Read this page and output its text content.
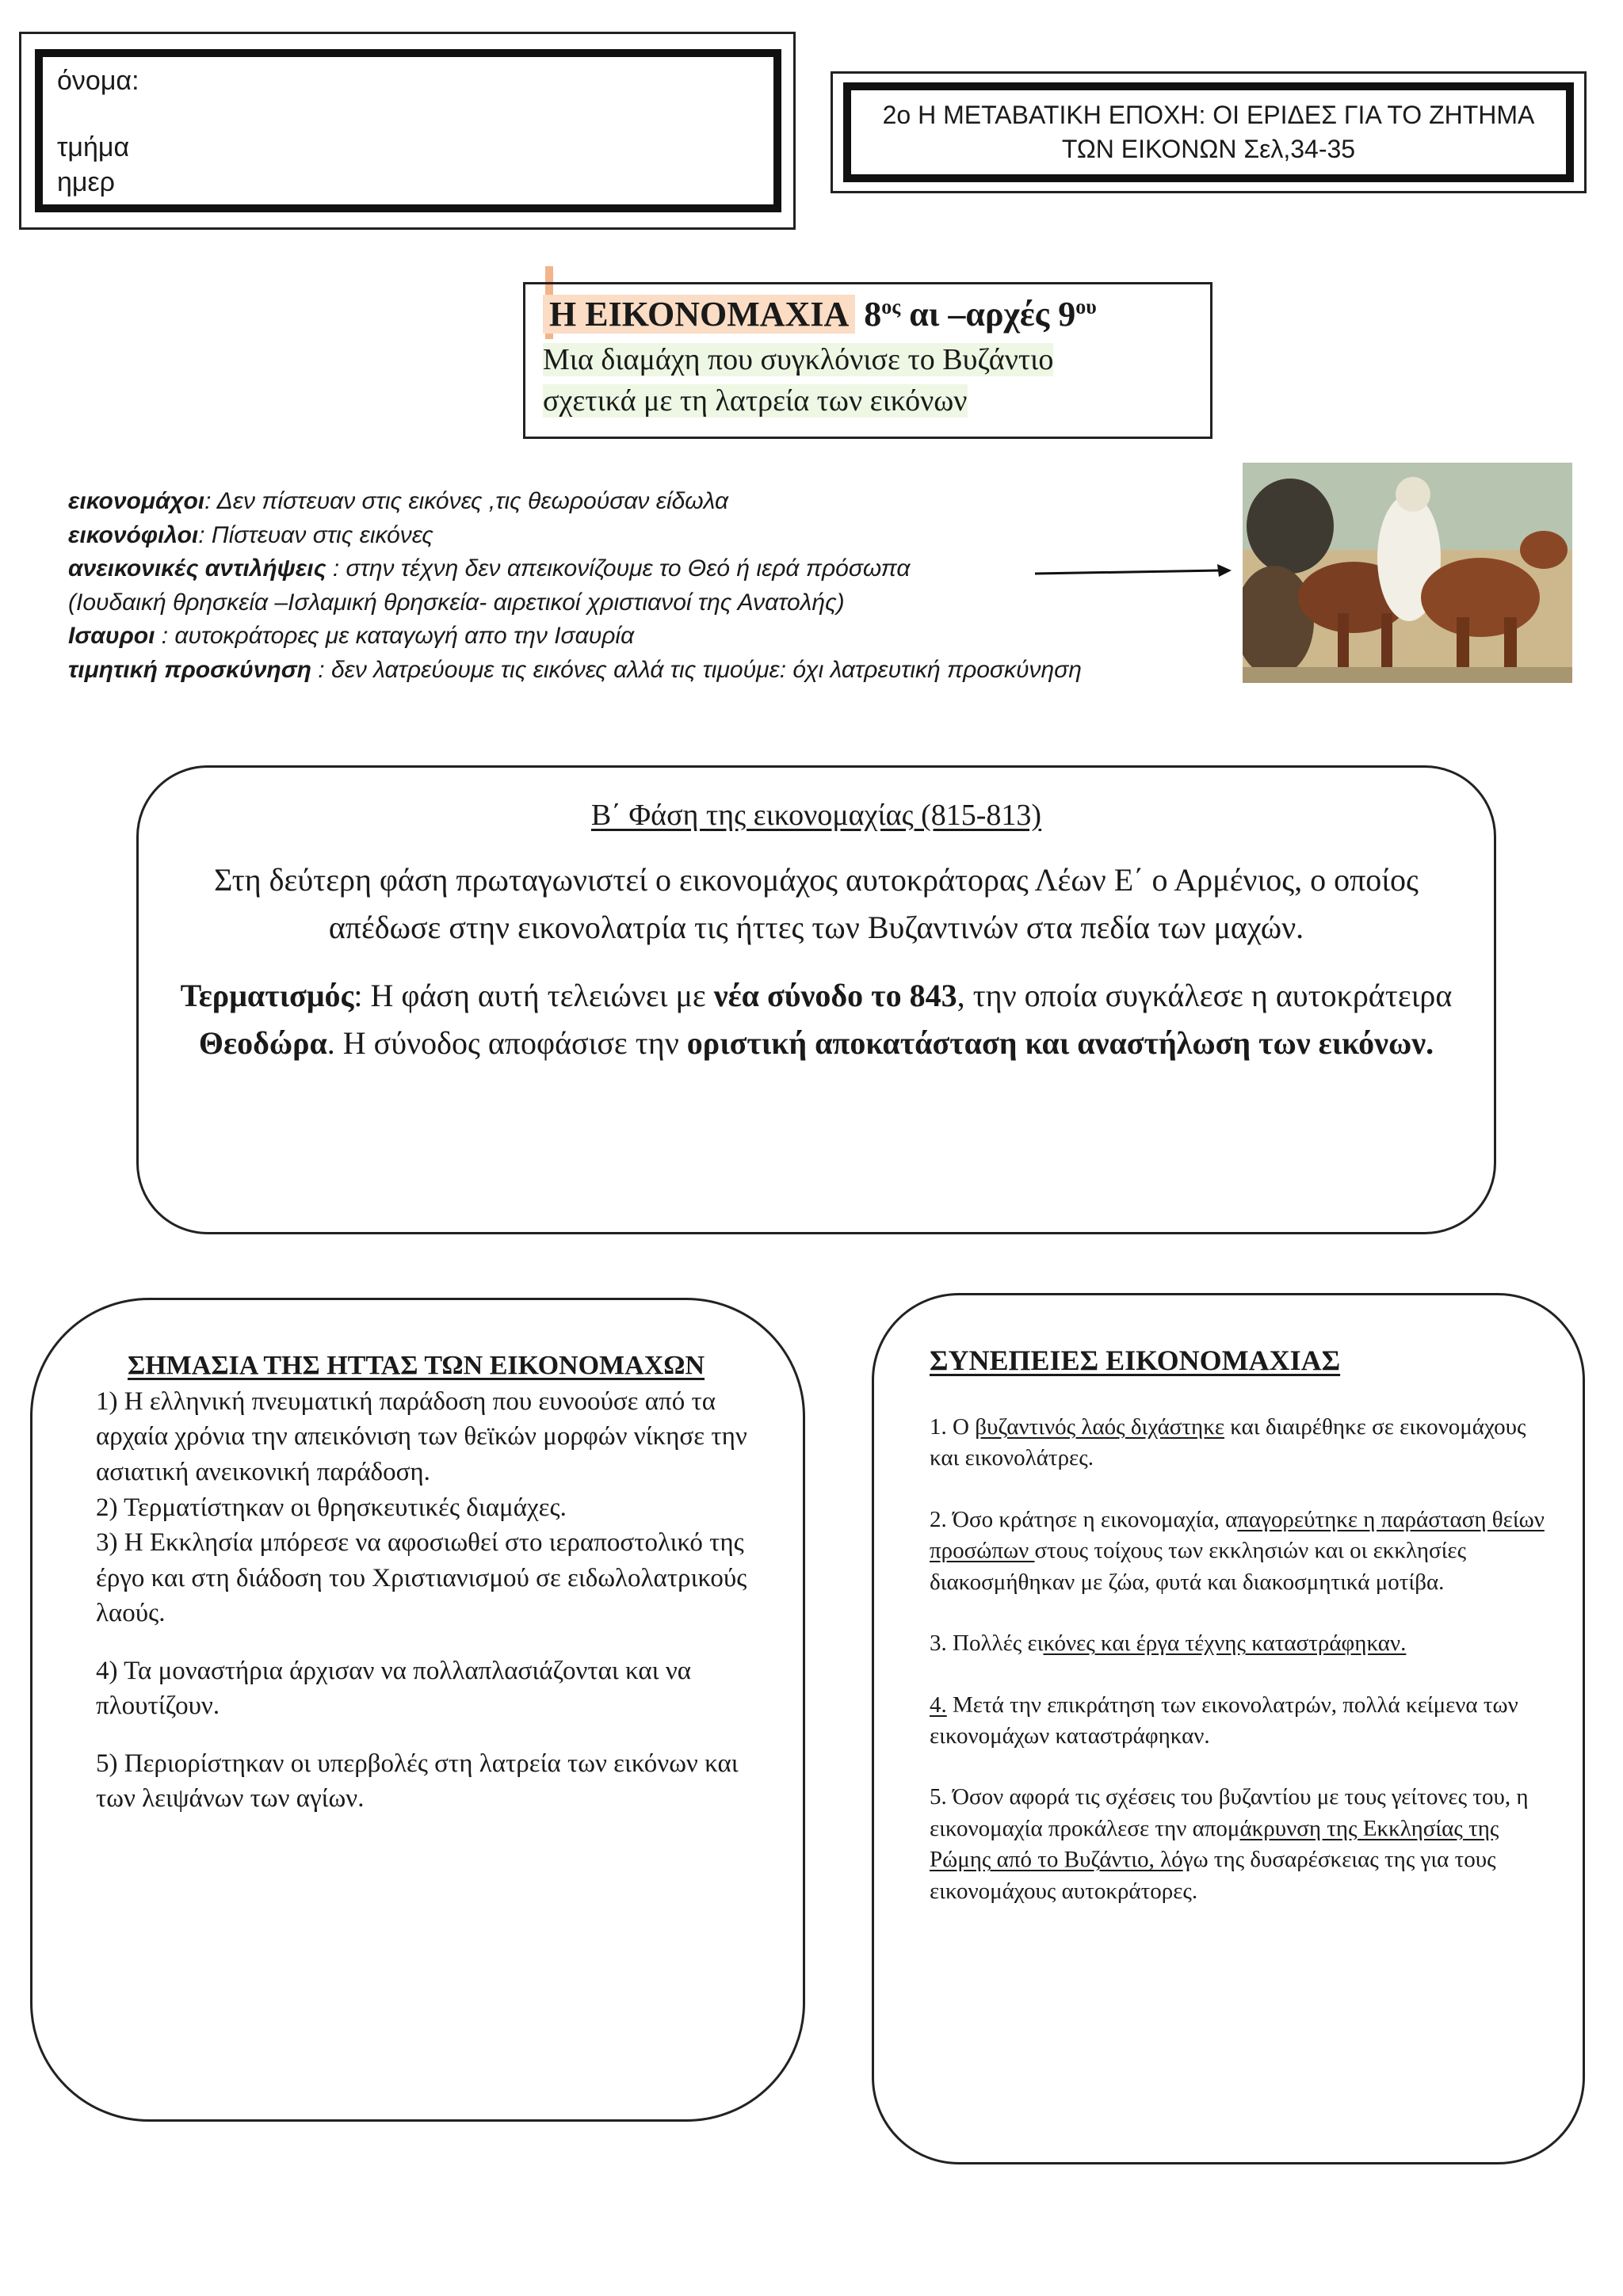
όνομα:
τμήμα
ημερ
2ο Η ΜΕΤΑΒΑΤΙΚΗ ΕΠΟΧΗ: ΟΙ ΕΡΙΔΕΣ ΓΙΑ ΤΟ ΖΗΤΗΜΑ
ΤΩΝ ΕΙΚΟΝΩΝ Σελ,34-35
Η ΕΙΚΟΝΟΜΑΧΙΑ $8^{o\varsigma}$ αι –αρχές $9^{o\upsilon}$
Μια διαμάχη που συγκλόνισε το Βυζάντιο
σχετικά με τη λατρεία των εικόνων
εικονομάχοι: Δεν πίστευαν στις εικόνες ,τις θεωρούσαν είδωλα
εικονόφιλοι: Πίστευαν στις εικόνες
ανεικονικές αντιλήψεις : στην τέχνη δεν απεικονίζουμε το Θεό ή ιερά πρόσωπα
(Ιουδαική θρησκεία –Ισλαμική θρησκεία- αιρετικοί χριστιανοί της Ανατολής)
Ισαυροι : αυτοκράτορες με καταγωγή απο την Ισαυρία
τιμητική προσκύνηση : δεν λατρεύουμε τις εικόνες αλλά τις τιμούμε: όχι λατρευτική προσκύνηση
Β΄ Φάση της εικονομαχίας (815-813)
Στη δεύτερη φάση πρωταγωνιστεί ο εικονομάχος αυτοκράτορας Λέων Ε΄ ο Αρμένιος, ο οποίος απέδωσε στην εικονολατρία τις ήττες των Βυζαντινών στα πεδία των μαχών.
Τερματισμός: Η φάση αυτή τελειώνει με νέα σύνοδο το 843, την οποία συγκάλεσε η αυτοκράτειρα Θεοδώρα. Η σύνοδος αποφάσισε την οριστική αποκατάσταση και αναστήλωση των εικόνων.
ΣΗΜΑΣΙΑ ΤΗΣ ΗΤΤΑΣ ΤΩΝ ΕΙΚΟΝΟΜΑΧΩΝ
1) Η ελληνική πνευματική παράδοση που ευνοούσε από τα αρχαία χρόνια την απεικόνιση των θεϊκών μορφών νίκησε την ασιατική ανεικονική παράδοση.
2) Τερματίστηκαν οι θρησκευτικές διαμάχες.
3) Η Εκκλησία μπόρεσε να αφοσιωθεί στο ιεραποστολικό της έργο και στη διάδοση του Χριστιανισμού σε ειδωλολατρικούς λαούς.
4) Τα μοναστήρια άρχισαν να πολλαπλασιάζονται και να πλουτίζουν.
5) Περιορίστηκαν οι υπερβολές στη λατρεία των εικόνων και των λειψάνων των αγίων.
ΣΥΝΕΠΕΙΕΣ ΕΙΚΟΝΟΜΑΧΙΑΣ
1. Ο βυζαντινός λαός διχάστηκε και διαιρέθηκε σε εικονομάχους και εικονολάτρες.
2. Όσο κράτησε η εικονομαχία, απαγορεύτηκε η παράσταση θείων προσώπων στους τοίχους των εκκλησιών και οι εκκλησίες διακοσμήθηκαν με ζώα, φυτά και διακοσμητικά μοτίβα.
3. Πολλές εικόνες και έργα τέχνης καταστράφηκαν.
4. Μετά την επικράτηση των εικονολατρών, πολλά κείμενα των εικονομάχων καταστράφηκαν.
5. Όσον αφορά τις σχέσεις του βυζαντίου με τους γείτονες του, η εικονομαχία προκάλεσε την απομάκρυνση της Εκκλησίας της Ρώμης από το Βυζάντιο, λόγω της δυσαρέσκειας της για τους εικονομάχους αυτοκράτορες.
